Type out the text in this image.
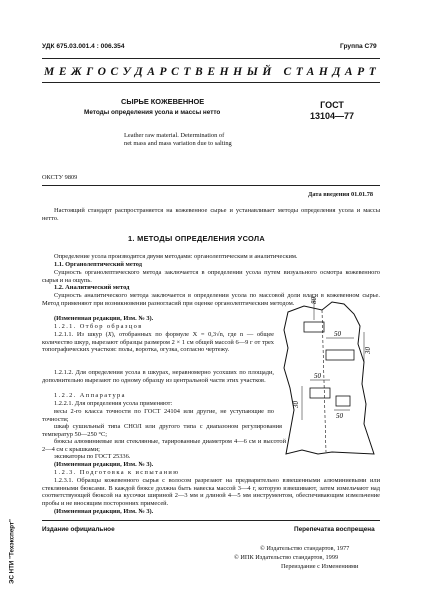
УДК 675.03.001.4 : 006.354	Группа С79
МЕЖГОСУДАРСТВЕННЫЙ СТАНДАРТ
СЫРЬЕ КОЖЕВЕННОЕ
Методы определения усола и массы нетто
Leather raw material. Determination of
net mass and mass variation due to salting
ГОСТ
13104—77
ОКСТУ 9809
Дата введения 01.01.78
Настоящий стандарт распространяется на кожевенное сырье и устанавливает методы определения усола и массы нетто.
1. МЕТОДЫ ОПРЕДЕЛЕНИЯ УСОЛА
Определение усола производится двумя методами: органолептическим и аналитическим.
1.1. Органолептический метод
Сущность органолептического метода заключается в определении усола путем визуального осмотра кожевенного сырья и на ощупь.
1.2. Аналитический метод
Сущность аналитического метода заключается в определении усола по массовой доли влаги в кожевенном сырье. Метод применяют при возникновении разногласий при оценке органолептическим методом.
(Измененная редакция, Изм. № 3).
1.2.1. Отбор образцов
1.2.1.1. Из шкур (X), отобранных по формуле X = 0,3√n, где n — общее количество шкур, вырезают образцы размером 2 × 1 см общей массой 6—9 г от трех топографических участков: полы, воротка, огузка, согласно чертежу.
1.2.1.2. Для определения усола в шкурах, неравномерно усохших по площади, дополнительно вырезают по одному образцу из центральной части этих участков.
1.2.2. Аппаратура
1.2.2.1. Для определения усола применяют:
весы 2-го класса точности по ГОСТ 24104 или другие, не уступающие по точности;
шкаф сушильный типа СНОЛ или другого типа с диапазоном регулирования температур 50—250 °С;
бюксы алюминиевые или стеклянные, тарированные диаметром 4—6 см и высотой 2—4 см с крышками;
эксикаторы по ГОСТ 25336.
(Измененная редакция, Изм. № 3).
1.2.3. Подготовка к испытанию
1.2.3.1. Образцы кожевенного сырья с волосом разрезают на предварительно взвешенными алюминиевыми или стеклянными бюксами. В каждой бюксе должна быть навеска массой 3—4 г, которую взвешивают, затем измельчают над соответствующей бюксой на кусочки шириной 2—3 мм и длиной 4—5 мм инструментом, обеспечивающим измельчение пробы и не вносящим посторонних примесей.
(Измененная редакция, Изм. № 3).
80
50
50
50
30
30
Издание официальное	Перепечатка воспрещена
© Издательство стандартов, 1977
© ИПК Издательство стандартов, 1999
Переиздание с Изменениями
ЭС НТИ "Техэксперт"
